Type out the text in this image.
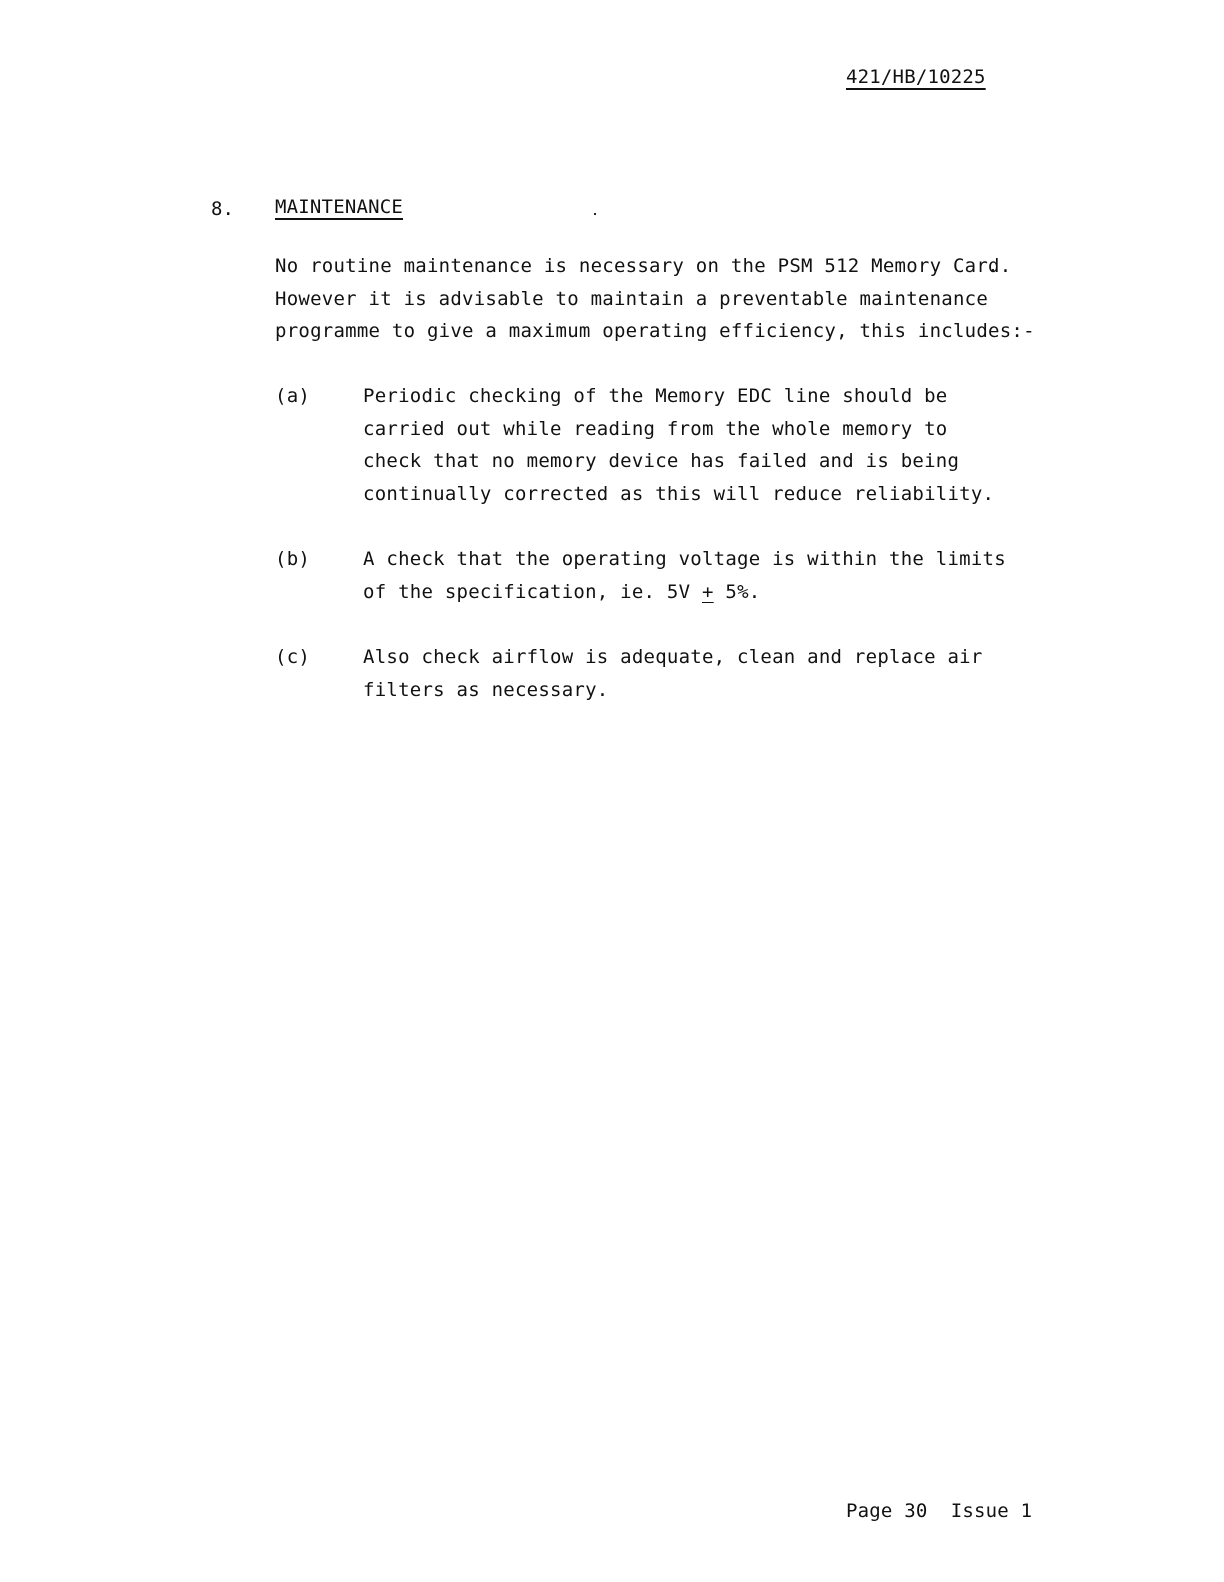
421/HB/10225
8. MAINTENANCE
No routine maintenance is necessary on the PSM 512 Memory Card.
However it is advisable to maintain a preventable maintenance
programme to give a maximum operating efficiency, this includes:-
(a)	Periodic checking of the Memory EDC line should be
carried out while reading from the whole memory to
check that no memory device has failed and is being
continually corrected as this will reduce reliability.
(b)	A check that the operating voltage is within the limits
of the specification, ie. 5V + 5%.
(c)	Also check airflow is adequate, clean and replace air
filters as necessary.
Page 30  Issue 1
